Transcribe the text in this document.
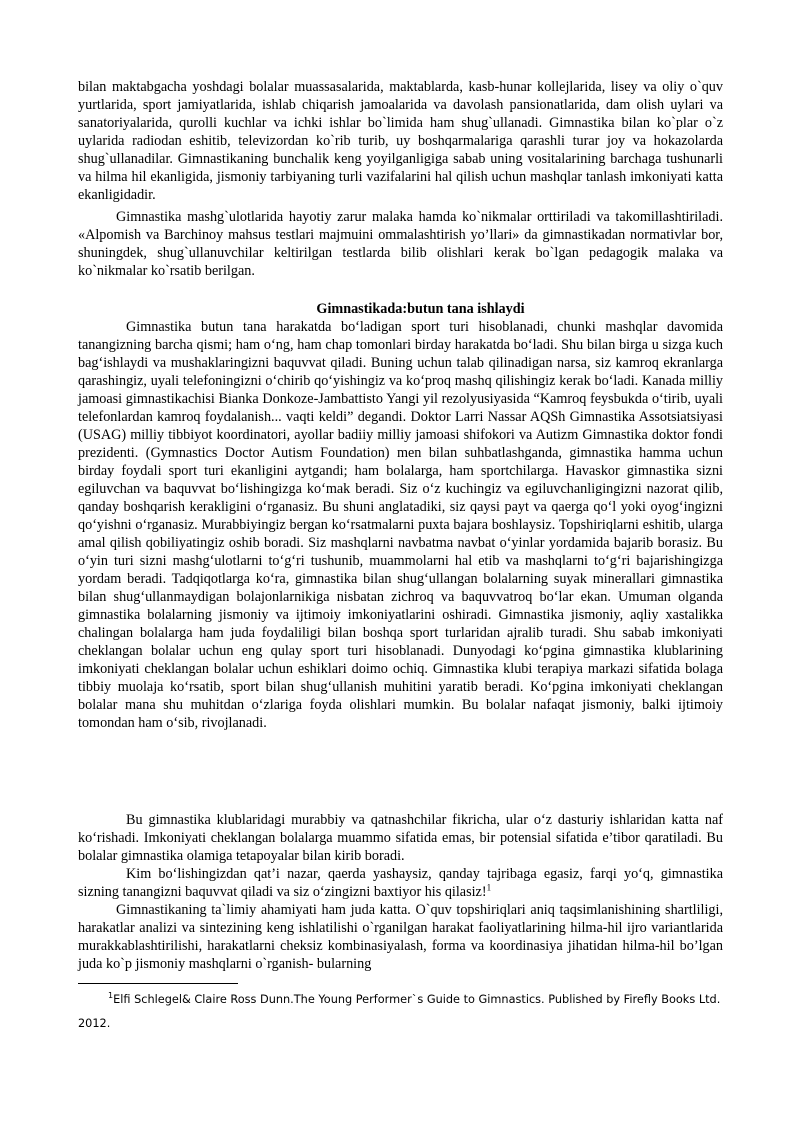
bilan maktabgacha yoshdagi bolalar muassasalarida, maktablarda, kasb-hunar kollejlarida, lisey va oliy o`quv yurtlarida, sport jamiyatlarida, ishlab chiqarish jamoalarida va davolash pansionatlarida, dam olish uylari va sanatoriyalarida, qurolli kuchlar va ichki ishlar bo`limida ham shug`ullanadi. Gimnastika bilan ko`plar o`z uylarida radiodan eshitib, televizordan ko`rib turib, uy boshqarmalariga qarashli turar joy va hokazolarda shug`ullanadilar. Gimnastikaning bunchalik keng yoyilganligiga sabab uning vositalarining barchaga tushunarli va hilma hil ekanligida, jismoniy tarbiyaning turli vazifalarini hal qilish uchun mashqlar tanlash imkoniyati katta ekanligidadir.

Gimnastika mashg`ulotlarida hayotiy zarur malaka hamda ko`nikmalar orttiriladi va takomillashtiriladi. «Alpomish va Barchinoy mahsus testlari majmuini ommalashtirish yo’llari» da gimnastikadan normativlar bor, shuningdek, shug`ullanuvchilar keltirilgan testlarda bilib olishlari kerak bo`lgan pedagogik malaka va ko`nikmalar ko`rsatib berilgan.

Gimnastikada:butun tana ishlaydi

Gimnastika butun tana harakatda bo‘ladigan sport turi hisoblanadi, chunki mashqlar davomida tanangizning barcha qismi; ham o‘ng, ham chap tomonlari birday harakatda bo‘ladi. Shu bilan birga u sizga kuch bag‘ishlaydi va mushaklaringizni baquvvat qiladi. Buning uchun talab qilinadigan narsa, siz kamroq ekranlarga qarashingiz, uyali telefoningizni o‘chirib qo‘yishingiz va ko‘proq mashq qilishingiz kerak bo‘ladi. Kanada milliy jamoasi gimnastikachisi Bianka Donkoze-Jambattisto Yangi yil rezolyusiyasida “Kamroq feysbukda o‘tirib, uyali telefonlardan kamroq foydalanish... vaqti keldi” degandi. Doktor Larri Nassar AQSh Gimnastika Assotsiatsiyasi (USAG) milliy tibbiyot koordinatori, ayollar badiiy milliy jamoasi shifokori va Autizm Gimnastika doktor fondi prezidenti. (Gymnastics Doctor Autism Foundation) men bilan suhbatlashganda, gimnastika hamma uchun birday foydali sport turi ekanligini aytgandi; ham bolalarga, ham sportchilarga. Havaskor gimnastika sizni egiluvchan va baquvvat bo‘lishingizga ko‘mak beradi. Siz o‘z kuchingiz va egiluvchanligingizni nazorat qilib, qanday boshqarish kerakligini o‘rganasiz. Bu shuni anglatadiki, siz qaysi payt va qaerga qo‘l yoki oyog‘ingizni qo‘yishni o‘rganasiz. Murabbiyingiz bergan ko‘rsatmalarni puxta bajara boshlaysiz. Topshiriqlarni eshitib, ularga amal qilish qobiliyatingiz oshib boradi. Siz mashqlarni navbatma navbat o‘yinlar yordamida bajarib borasiz. Bu o‘yin turi sizni mashg‘ulotlarni to‘g‘ri tushunib, muammolarni hal etib va mashqlarni to‘g‘ri bajarishingizga yordam beradi. Tadqiqotlarga ko‘ra, gimnastika bilan shug‘ullangan bolalarning suyak minerallari gimnastika bilan shug‘ullanmaydigan bolajonlarnikiga nisbatan zichroq va baquvvatroq bo‘lar ekan. Umuman olganda gimnastika bolalarning jismoniy va ijtimoiy imkoniyatlarini oshiradi. Gimnastika jismoniy, aqliy xastalikka chalingan bolalarga ham juda foydaliligi bilan boshqa sport turlaridan ajralib turadi. Shu sabab imkoniyati cheklangan bolalar uchun eng qulay sport turi hisoblanadi. Dunyodagi ko‘pgina gimnastika klublarining imkoniyati cheklangan bolalar uchun eshiklari doimo ochiq. Gimnastika klubi terapiya markazi sifatida bolaga tibbiy muolaja ko‘rsatib, sport bilan shug‘ullanish muhitini yaratib beradi. Ko‘pgina imkoniyati cheklangan bolalar mana shu muhitdan o‘zlariga foyda olishlari mumkin. Bu bolalar nafaqat jismoniy, balki ijtimoiy tomondan ham o‘sib, rivojlanadi.

Bu gimnastika klublaridagi murabbiy va qatnashchilar fikricha, ular o‘z dasturiy ishlaridan katta naf ko‘rishadi. Imkoniyati cheklangan bolalarga muammo sifatida emas, bir potensial sifatida e’tibor qaratiladi. Bu bolalar gimnastika olamiga tetapoyalar bilan kirib boradi.

Kim bo‘lishingizdan qat’i nazar, qaerda yashaysiz, qanday tajribaga egasiz, farqi yo‘q, gimnastika sizning tanangizni baquvvat qiladi va siz o‘zingizni baxtiyor his qilasiz!$^1$

Gimnastikaning ta`limiy ahamiyati ham juda katta. O`quv topshiriqlari aniq taqsimlanishining shartliligi, harakatlar analizi va sintezining keng ishlatilishi o`rganilgan harakat faoliyatlarining hilma-hil ijro variantlarida murakkablashtirilishi, harakatlarni cheksiz kombinasiyalash, forma va koordinasiya jihatidan hilma-hil bo’lgan juda ko`p jismoniy mashqlarni o`rganish- bularning

$^1$Elfi Schlegel& Claire Ross Dunn.The Young Performer`s Guide to Gimnastics. Published by Firefly Books Ltd. 2012.
